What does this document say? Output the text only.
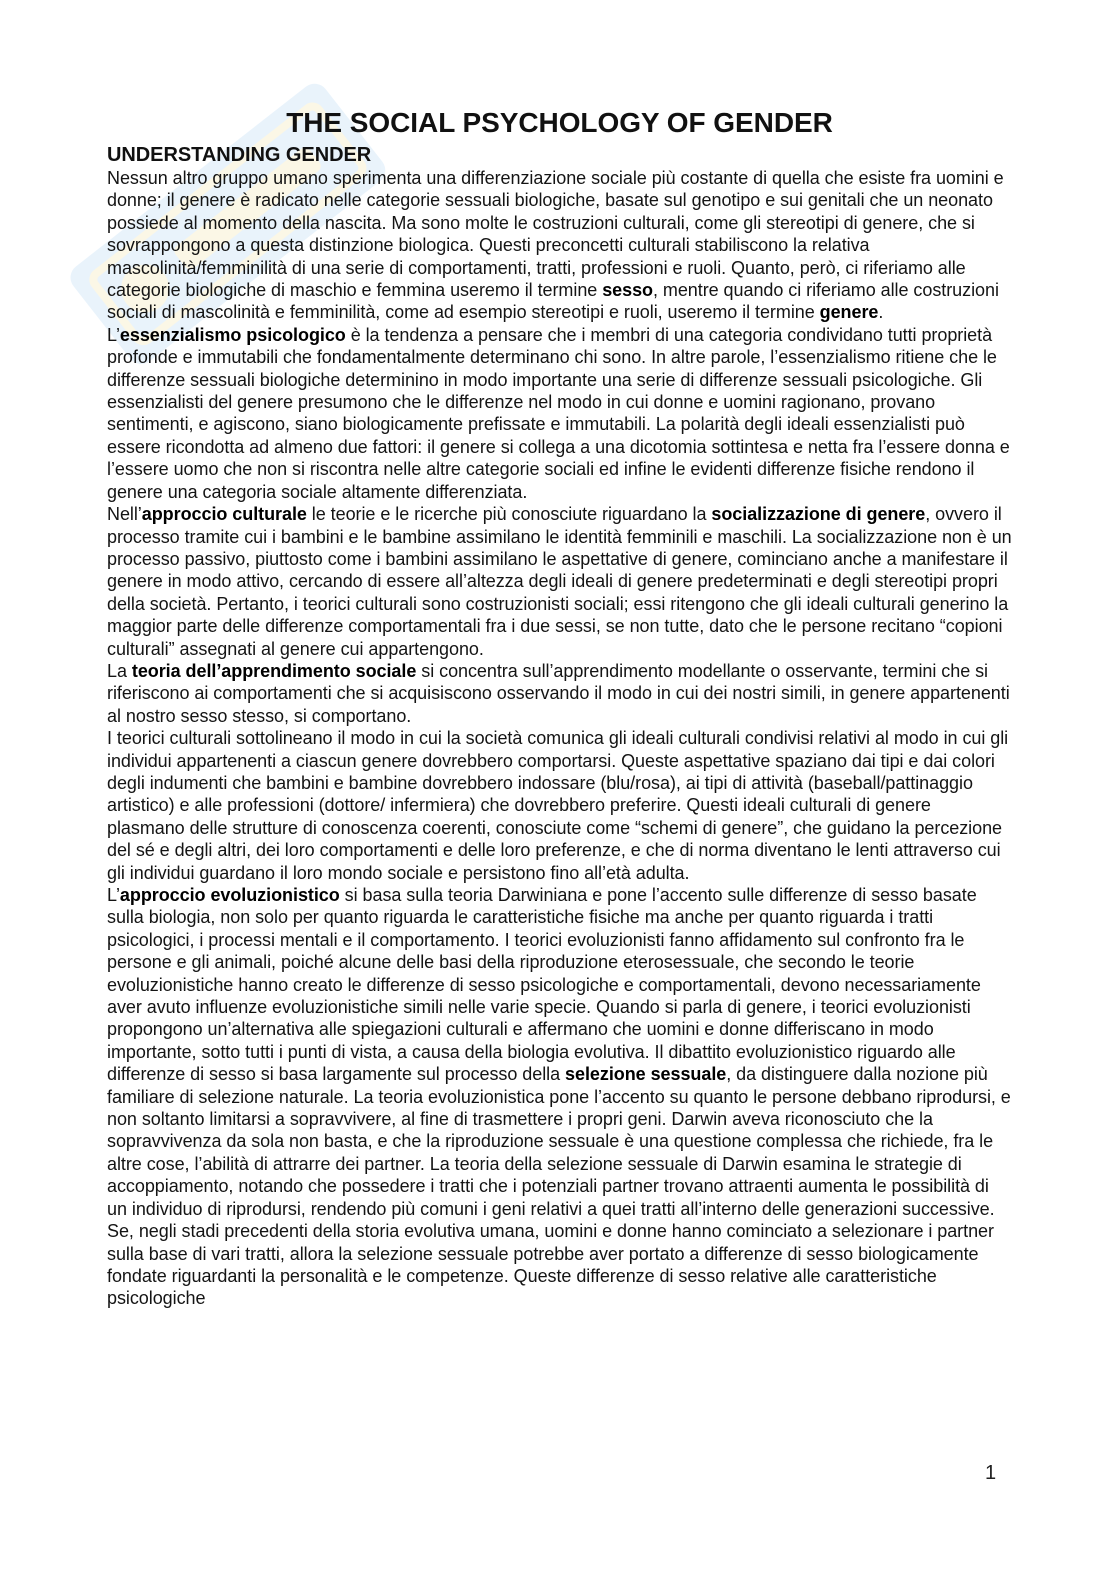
THE SOCIAL PSYCHOLOGY OF GENDER
UNDERSTANDING GENDER

Nessun altro gruppo umano sperimenta una differenziazione sociale più costante di quella che esiste fra uomini e donne; il genere è radicato nelle categorie sessuali biologiche, basate sul genotipo e sui genitali che un neonato possiede al momento della nascita. Ma sono molte le costruzioni culturali, come gli stereotipi di genere, che si sovrappongono a questa distinzione biologica. Questi preconcetti culturali stabiliscono la relativa mascolinità/femminilità di una serie di comportamenti, tratti, professioni e ruoli. Quanto, però, ci riferiamo alle categorie biologiche di maschio e femmina useremo il termine sesso, mentre quando ci riferiamo alle costruzioni sociali di mascolinità e femminilità, come ad esempio stereotipi e ruoli, useremo il termine genere.

L’essenzialismo psicologico è la tendenza a pensare che i membri di una categoria condividano tutti proprietà profonde e immutabili che fondamentalmente determinano chi sono. In altre parole, l’essenzialismo ritiene che le differenze sessuali biologiche determinino in modo importante una serie di differenze sessuali psicologiche. Gli essenzialisti del genere presumono che le differenze nel modo in cui donne e uomini ragionano, provano sentimenti, e agiscono, siano biologicamente prefissate e immutabili. La polarità degli ideali essenzialisti può essere ricondotta ad almeno due fattori: il genere si collega a una dicotomia sottintesa e netta fra l’essere donna e l’essere uomo che non si riscontra nelle altre categorie sociali ed infine le evidenti differenze fisiche rendono il genere una categoria sociale altamente differenziata.

Nell’approccio culturale le teorie e le ricerche più conosciute riguardano la socializzazione di genere, ovvero il processo tramite cui i bambini e le bambine assimilano le identità femminili e maschili. La socializzazione non è un processo passivo, piuttosto come i bambini assimilano le aspettative di genere, cominciano anche a manifestare il genere in modo attivo, cercando di essere all’altezza degli ideali di genere predeterminati e degli stereotipi propri della società. Pertanto, i teorici culturali sono costruzionisti sociali; essi ritengono che gli ideali culturali generino la maggior parte delle differenze comportamentali fra i due sessi, se non tutte, dato che le persone recitano “copioni culturali” assegnati al genere cui appartengono.

La teoria dell’apprendimento sociale si concentra sull’apprendimento modellante o osservante, termini che si riferiscono ai comportamenti che si acquisiscono osservando il modo in cui dei nostri simili, in genere appartenenti al nostro sesso stesso, si comportano.

I teorici culturali sottolineano il modo in cui la società comunica gli ideali culturali condivisi relativi al modo in cui gli individui appartenenti a ciascun genere dovrebbero comportarsi. Queste aspettative spaziano dai tipi e dai colori degli indumenti che bambini e bambine dovrebbero indossare (blu/rosa), ai tipi di attività (baseball/pattinaggio artistico) e alle professioni (dottore/ infermiera) che dovrebbero preferire. Questi ideali culturali di genere plasmano delle strutture di conoscenza coerenti, conosciute come “schemi di genere”, che guidano la percezione del sé e degli altri, dei loro comportamenti e delle loro preferenze, e che di norma diventano le lenti attraverso cui gli individui guardano il loro mondo sociale e persistono fino all’età adulta.

L’approccio evoluzionistico si basa sulla teoria Darwiniana e pone l’accento sulle differenze di sesso basate sulla biologia, non solo per quanto riguarda le caratteristiche fisiche ma anche per quanto riguarda i tratti psicologici, i processi mentali e il comportamento. I teorici evoluzionisti fanno affidamento sul confronto fra le persone e gli animali, poiché alcune delle basi della riproduzione eterosessuale, che secondo le teorie evoluzionistiche hanno creato le differenze di sesso psicologiche e comportamentali, devono necessariamente aver avuto influenze evoluzionistiche simili nelle varie specie. Quando si parla di genere, i teorici evoluzionisti propongono un’alternativa alle spiegazioni culturali e affermano che uomini e donne differiscano in modo importante, sotto tutti i punti di vista, a causa della biologia evolutiva. Il dibattito evoluzionistico riguardo alle differenze di sesso si basa largamente sul processo della selezione sessuale, da distinguere dalla nozione più familiare di selezione naturale. La teoria evoluzionistica pone l’accento su quanto le persone debbano riprodursi, e non soltanto limitarsi a sopravvivere, al fine di trasmettere i propri geni. Darwin aveva riconosciuto che la sopravvivenza da sola non basta, e che la riproduzione sessuale è una questione complessa che richiede, fra le altre cose, l’abilità di attrarre dei partner. La teoria della selezione sessuale di Darwin esamina le strategie di accoppiamento, notando che possedere i tratti che i potenziali partner trovano attraenti aumenta le possibilità di un individuo di riprodursi, rendendo più comuni i geni relativi a quei tratti all’interno delle generazioni successive. Se, negli stadi precedenti della storia evolutiva umana, uomini e donne hanno cominciato a selezionare i partner sulla base di vari tratti, allora la selezione sessuale potrebbe aver portato a differenze di sesso biologicamente fondate riguardanti la personalità e le competenze. Queste differenze di sesso relative alle caratteristiche psicologiche

1
